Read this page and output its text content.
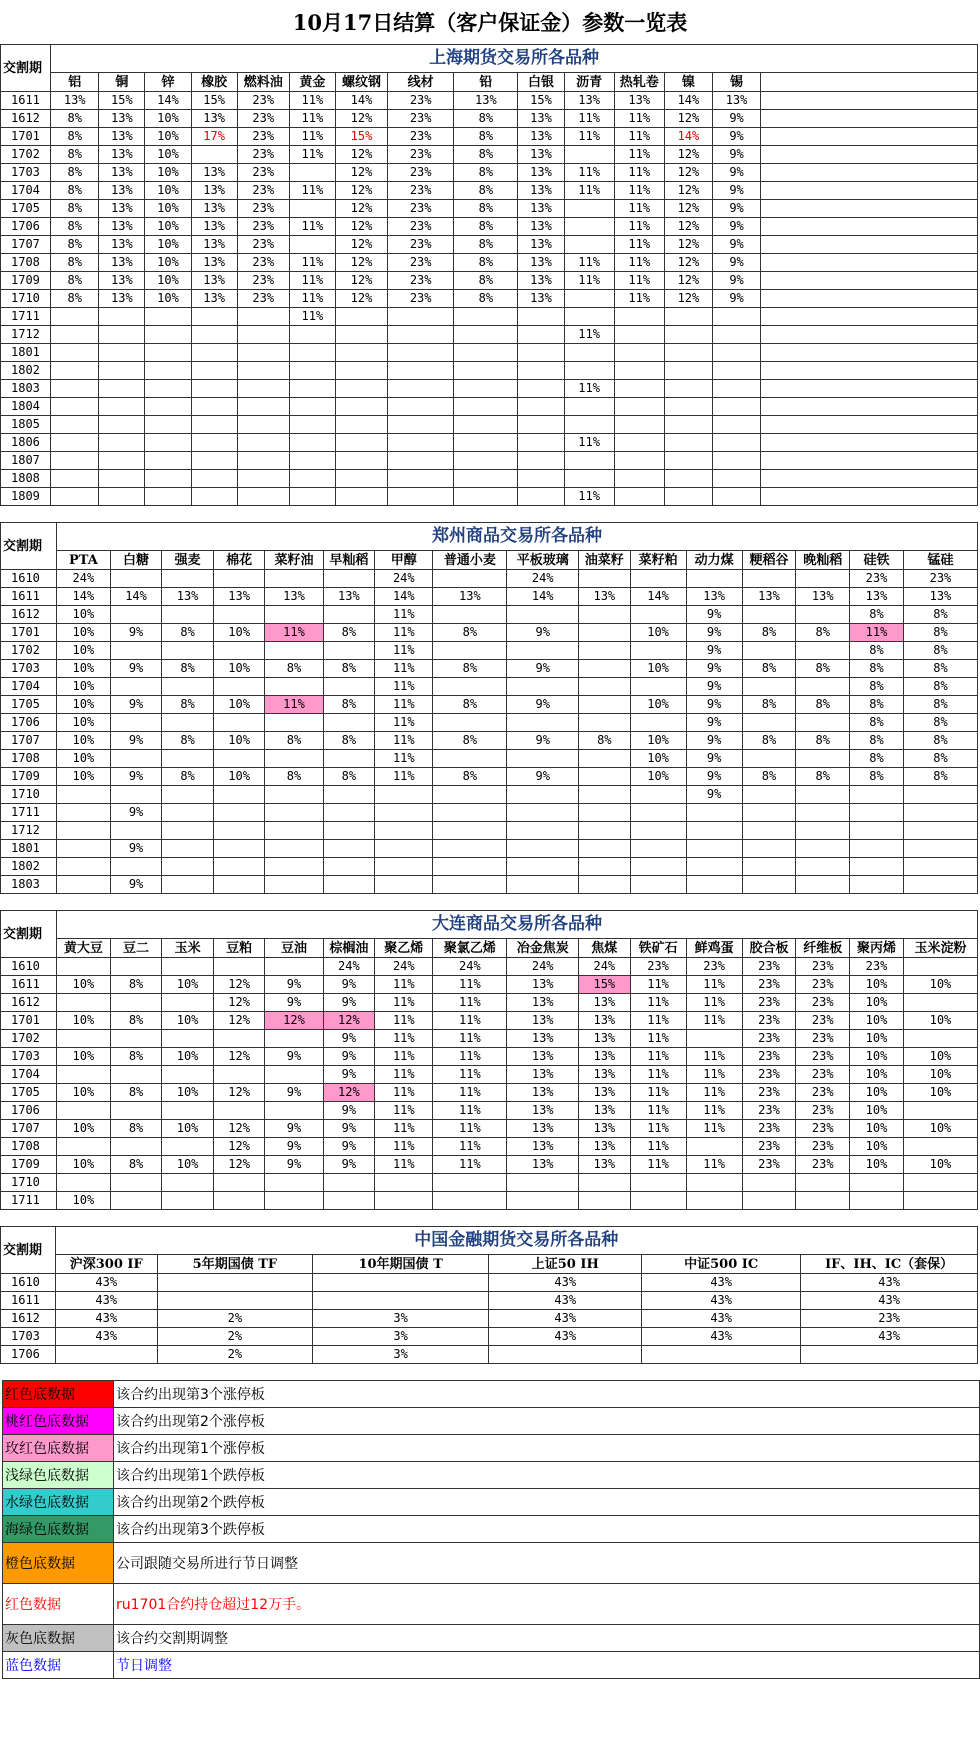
10月17日结算（客户保证金）参数一览表
交割期	上海期货交易所各品种														
	铝	铜	锌	橡胶	燃料油	黄金	螺纹钢	线材	铅	白银	沥青	热轧卷	镍	锡	
1611	13%	15%	14%	15%	23%	11%	14%	23%	13%	15%	13%	13%	14%	13%	
1612	8%	13%	10%	13%	23%	11%	12%	23%	8%	13%	11%	11%	12%	9%	
1701	8%	13%	10%	17%	23%	11%	15%	23%	8%	13%	11%	11%	14%	9%	
1702	8%	13%	10%		23%	11%	12%	23%	8%	13%		11%	12%	9%	
1703	8%	13%	10%	13%	23%		12%	23%	8%	13%	11%	11%	12%	9%	
1704	8%	13%	10%	13%	23%	11%	12%	23%	8%	13%	11%	11%	12%	9%	
1705	8%	13%	10%	13%	23%		12%	23%	8%	13%		11%	12%	9%	
1706	8%	13%	10%	13%	23%	11%	12%	23%	8%	13%		11%	12%	9%	
1707	8%	13%	10%	13%	23%		12%	23%	8%	13%		11%	12%	9%	
1708	8%	13%	10%	13%	23%	11%	12%	23%	8%	13%	11%	11%	12%	9%	
1709	8%	13%	10%	13%	23%	11%	12%	23%	8%	13%	11%	11%	12%	9%	
1710	8%	13%	10%	13%	23%	11%	12%	23%	8%	13%		11%	12%	9%	
1711						11%									
1712											11%				
1801															
1802															
1803											11%				
1804															
1805															
1806											11%				
1807															
1808															
1809											11%				
交割期	郑州商品交易所各品种															
	PTA	白糖	强麦	棉花	菜籽油	早籼稻	甲醇	普通小麦	平板玻璃	油菜籽	菜籽粕	动力煤	粳稻谷	晚籼稻	硅铁	锰硅
1610	24%						24%		24%						23%	23%
1611	14%	14%	13%	13%	13%	13%	14%	13%	14%	13%	14%	13%	13%	13%	13%	13%
1612	10%						11%					9%			8%	8%
1701	10%	9%	8%	10%	11%	8%	11%	8%	9%		10%	9%	8%	8%	11%	8%
1702	10%						11%					9%			8%	8%
1703	10%	9%	8%	10%	8%	8%	11%	8%	9%		10%	9%	8%	8%	8%	8%
1704	10%						11%					9%			8%	8%
1705	10%	9%	8%	10%	11%	8%	11%	8%	9%		10%	9%	8%	8%	8%	8%
1706	10%						11%					9%			8%	8%
1707	10%	9%	8%	10%	8%	8%	11%	8%	9%	8%	10%	9%	8%	8%	8%	8%
1708	10%						11%				10%	9%			8%	8%
1709	10%	9%	8%	10%	8%	8%	11%	8%	9%		10%	9%	8%	8%	8%	8%
1710												9%				
1711		9%														
1712																
1801		9%														
1802																
1803		9%														
交割期	大连商品交易所各品种															
	黄大豆	豆二	玉米	豆粕	豆油	棕榈油	聚乙烯	聚氯乙烯	冶金焦炭	焦煤	铁矿石	鲜鸡蛋	胶合板	纤维板	聚丙烯	玉米淀粉
1610						24%	24%	24%	24%	24%	23%	23%	23%	23%	23%	
1611	10%	8%	10%	12%	9%	9%	11%	11%	13%	15%	11%	11%	23%	23%	10%	10%
1612				12%	9%	9%	11%	11%	13%	13%	11%	11%	23%	23%	10%	
1701	10%	8%	10%	12%	12%	12%	11%	11%	13%	13%	11%	11%	23%	23%	10%	10%
1702						9%	11%	11%	13%	13%	11%		23%	23%	10%	
1703	10%	8%	10%	12%	9%	9%	11%	11%	13%	13%	11%	11%	23%	23%	10%	10%
1704						9%	11%	11%	13%	13%	11%	11%	23%	23%	10%	10%
1705	10%	8%	10%	12%	9%	12%	11%	11%	13%	13%	11%	11%	23%	23%	10%	10%
1706						9%	11%	11%	13%	13%	11%	11%	23%	23%	10%	
1707	10%	8%	10%	12%	9%	9%	11%	11%	13%	13%	11%	11%	23%	23%	10%	10%
1708				12%	9%	9%	11%	11%	13%	13%	11%		23%	23%	10%	
1709	10%	8%	10%	12%	9%	9%	11%	11%	13%	13%	11%	11%	23%	23%	10%	10%
1710																
1711	10%															
交割期	中国金融期货交易所各品种					
	沪深300 IF	5年期国债 TF	10年期国债 T	上证50 IH	中证500 IC	IF、IH、IC（套保）
1610	43%			43%	43%	43%
1611	43%			43%	43%	43%
1612	43%	2%	3%	43%	43%	23%
1703	43%	2%	3%	43%	43%	43%
1706		2%	3%			
红色底数据	该合约出现第3个涨停板
桃红色底数据	该合约出现第2个涨停板
玫红色底数据	该合约出现第1个涨停板
浅绿色底数据	该合约出现第1个跌停板
水绿色底数据	该合约出现第2个跌停板
海绿色底数据	该合约出现第3个跌停板
橙色底数据	公司跟随交易所进行节日调整
红色数据	ru1701合约持仓超过12万手。
灰色底数据	该合约交割期调整
蓝色数据	节日调整
